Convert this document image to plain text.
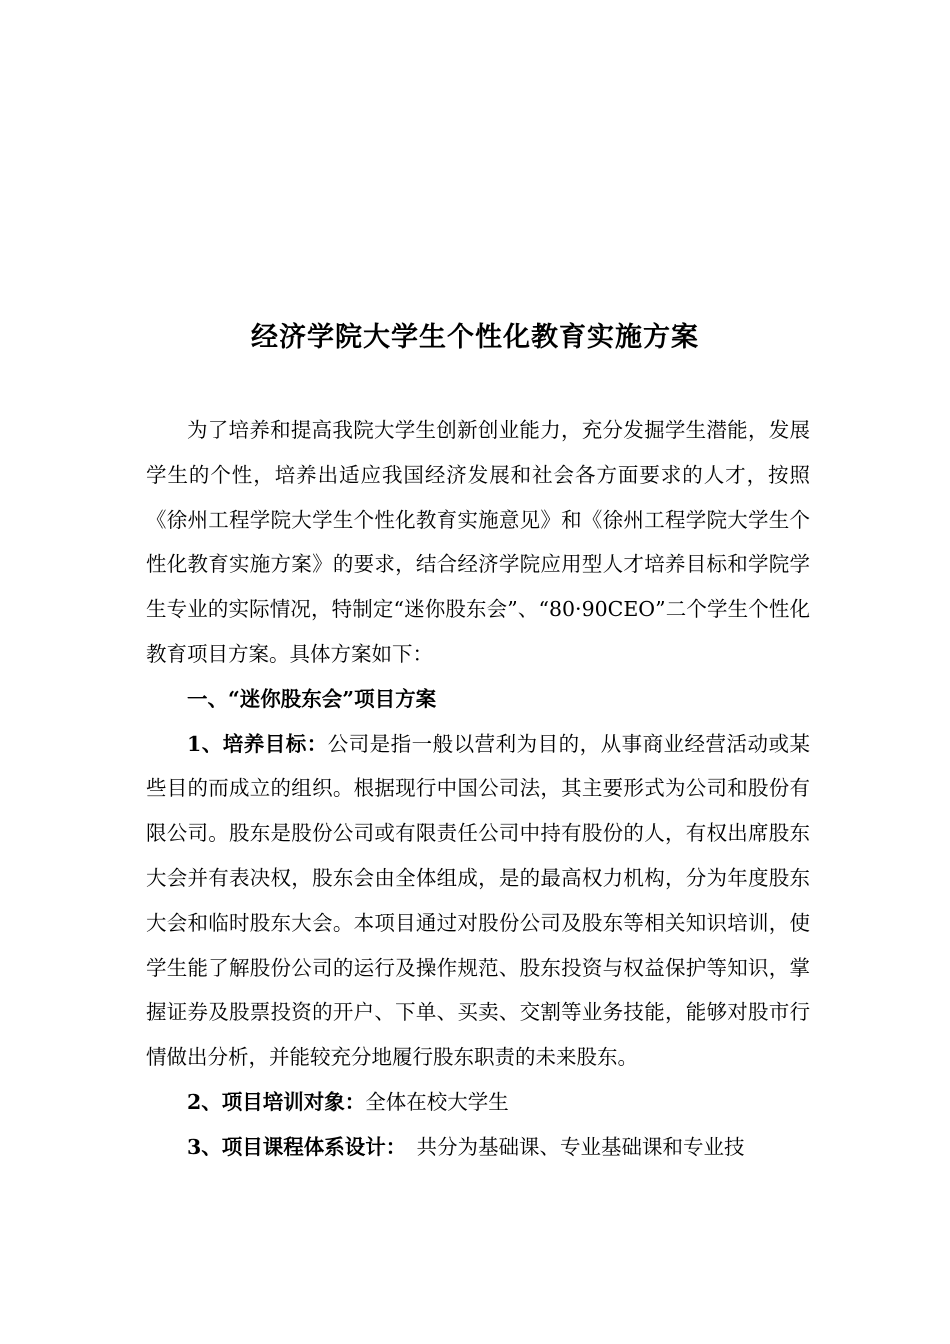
经济学院大学生个性化教育实施方案

为了培养和提高我院大学生创新创业能力，充分发掘学生潜能，发展学生的个性，培养出适应我国经济发展和社会各方面要求的人才，按照《徐州工程学院大学生个性化教育实施意见》和《徐州工程学院大学生个性化教育实施方案》的要求，结合经济学院应用型人才培养目标和学院学生专业的实际情况，特制定“迷你股东会”、“80·90CEO”二个学生个性化教育项目方案。具体方案如下：

一、“迷你股东会”项目方案

1、培养目标：公司是指一般以营利为目的，从事商业经营活动或某些目的而成立的组织。根据现行中国公司法，其主要形式为公司和股份有限公司。股东是股份公司或有限责任公司中持有股份的人，有权出席股东大会并有表决权，股东会由全体组成，是的最高权力机构，分为年度股东大会和临时股东大会。本项目通过对股份公司及股东等相关知识培训，使学生能了解股份公司的运行及操作规范、股东投资与权益保护等知识，掌握证券及股票投资的开户、下单、买卖、交割等业务技能，能够对股市行情做出分析，并能较充分地履行股东职责的未来股东。

2、项目培训对象：全体在校大学生

3、项目课程体系设计：　共分为基础课、专业基础课和专业技
